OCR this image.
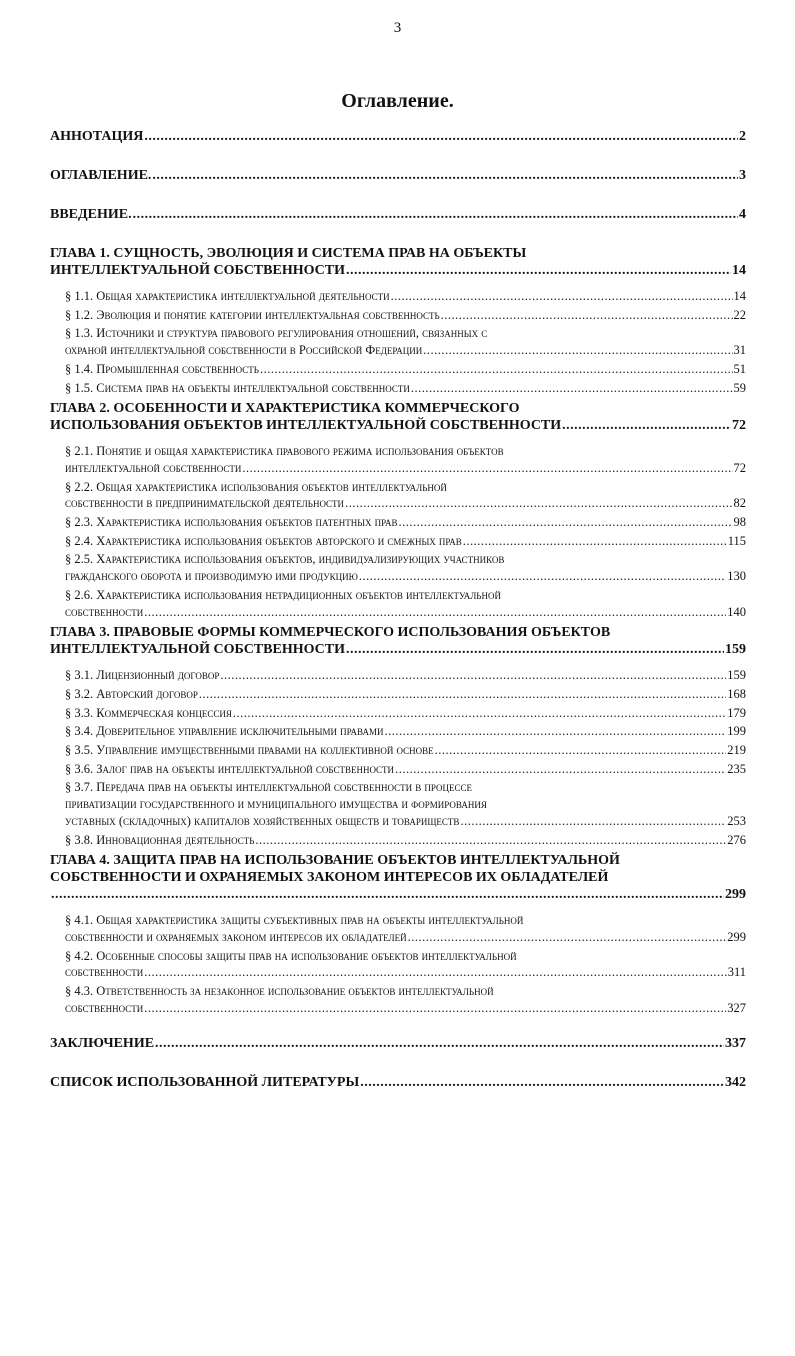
3
Оглавление.
АННОТАЦИЯ .....	2
ОГЛАВЛЕНИЕ. .....	3
ВВЕДЕНИЕ. .....	4
ГЛАВА 1. СУЩНОСТЬ, ЭВОЛЮЦИЯ И СИСТЕМА ПРАВ НА ОБЪЕКТЫ
ИНТЕЛЛЕКТУАЛЬНОЙ СОБСТВЕННОСТИ .....	14
§ 1.1. Общая характеристика интеллектуальной деятельности .....	14
§ 1.2. Эволюция и понятие категории интеллектуальная собственность .....	22
§ 1.3. Источники и структура правового регулирования отношений, связанных с
охраной интеллектуальной собственности в Российской Федерации .....	31
§ 1.4. Промышленная собственность .....	51
§ 1.5. Система прав на объекты интеллектуальной собственности .....	59
ГЛАВА 2. ОСОБЕННОСТИ И ХАРАКТЕРИСТИКА КОММЕРЧЕСКОГО
ИСПОЛЬЗОВАНИЯ ОБЪЕКТОВ ИНТЕЛЛЕКТУАЛЬНОЙ СОБСТВЕННОСТИ .....	72
§ 2.1. Понятие и общая характеристика правового режима использования объектов
интеллектуальной собственности .....	72
§ 2.2. Общая характеристика использования объектов интеллектуальной
собственности в предпринимательской деятельности .....	82
§ 2.3. Характеристика использования объектов патентных прав .....	98
§ 2.4. Характеристика использования объектов авторского и смежных прав .....	115
§ 2.5. Характеристика использования объектов, индивидуализирующих участников
гражданского оборота и производимую ими продукцию .....	130
§ 2.6. Характеристика использования нетрадиционных объектов интеллектуальной
собственности .....	140
ГЛАВА 3. ПРАВОВЫЕ ФОРМЫ КОММЕРЧЕСКОГО ИСПОЛЬЗОВАНИЯ ОБЪЕКТОВ
ИНТЕЛЛЕКТУАЛЬНОЙ СОБСТВЕННОСТИ .....	159
§ 3.1. Лицензионный договор .....	159
§ 3.2. Авторский договор .....	168
§ 3.3. Коммерческая концессия .....	179
§ 3.4. Доверительное управление исключительными правами .....	199
§ 3.5. Управление имущественными правами на коллективной основе .....	219
§ 3.6. Залог прав на объекты интеллектуальной собственности .....	235
§ 3.7. Передача прав на объекты интеллектуальной собственности в процессе
приватизации государственного и муниципального имущества и формирования
уставных (складочных) капиталов хозяйственных обществ и товариществ .....	253
§ 3.8. Инновационная деятельность .....	276
ГЛАВА 4. ЗАЩИТА ПРАВ НА ИСПОЛЬЗОВАНИЕ ОБЪЕКТОВ ИНТЕЛЛЕКТУАЛЬНОЙ
СОБСТВЕННОСТИ И ОХРАНЯЕМЫХ ЗАКОНОМ ИНТЕРЕСОВ ИХ ОБЛАДАТЕЛЕЙ
.....
299
§ 4.1. Общая характеристика защиты субъективных прав на объекты интеллектуальной
собственности и охраняемых законом интересов их обладателей .....	299
§ 4.2. Особенные способы защиты прав на использование объектов интеллектуальной
собственности .....	311
§ 4.3. Ответственность за незаконное использование объектов интеллектуальной
собственности .....	327
ЗАКЛЮЧЕНИЕ .....	337
СПИСОК ИСПОЛЬЗОВАННОЙ ЛИТЕРАТУРЫ .....	342
